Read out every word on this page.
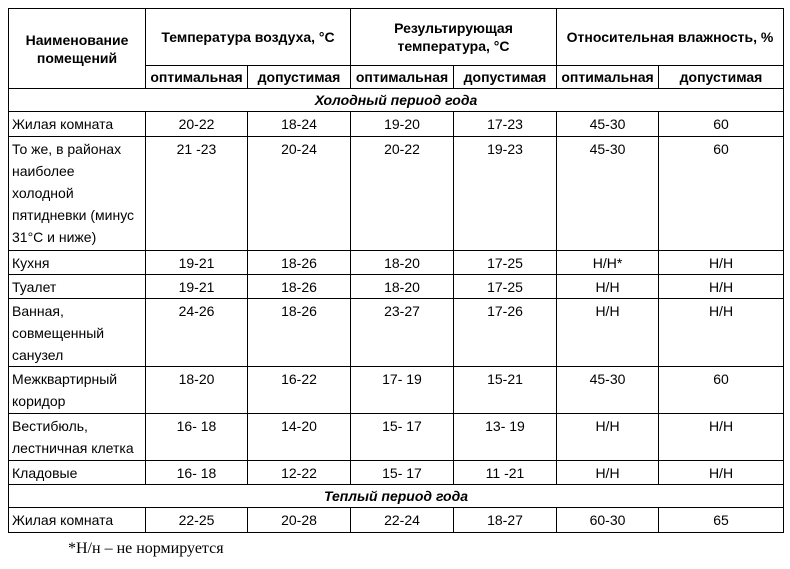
Наименование помещений	Температура воздуха, °С		Результирующая температура, °С		Относительная влажность, %	
	оптимальная	допустимая	оптимальная	допустимая	оптимальная	допустимая
Холодный период года						
Жилая комната	20-22	18-24	19-20	17-23	45-30	60
То же, в районах
наиболее
холодной
пятидневки (минус
31°С и ниже)	21 -23	20-24	20-22	19-23	45-30	60
Кухня	19-21	18-26	18-20	17-25	Н/Н*	Н/Н
Туалет	19-21	18-26	18-20	17-25	Н/Н	Н/Н
Ванная,
совмещенный
санузел	24-26	18-26	23-27	17-26	Н/Н	Н/Н
Межквартирный
коридор	18-20	16-22	17- 19	15-21	45-30	60
Вестибюль,
лестничная клетка	16- 18	14-20	15- 17	13- 19	Н/Н	Н/Н
Кладовые	16- 18	12-22	15- 17	11 -21	Н/Н	Н/Н
Теплый период года						
Жилая комната	22-25	20-28	22-24	18-27	60-30	65
*Н/н – не нормируется
